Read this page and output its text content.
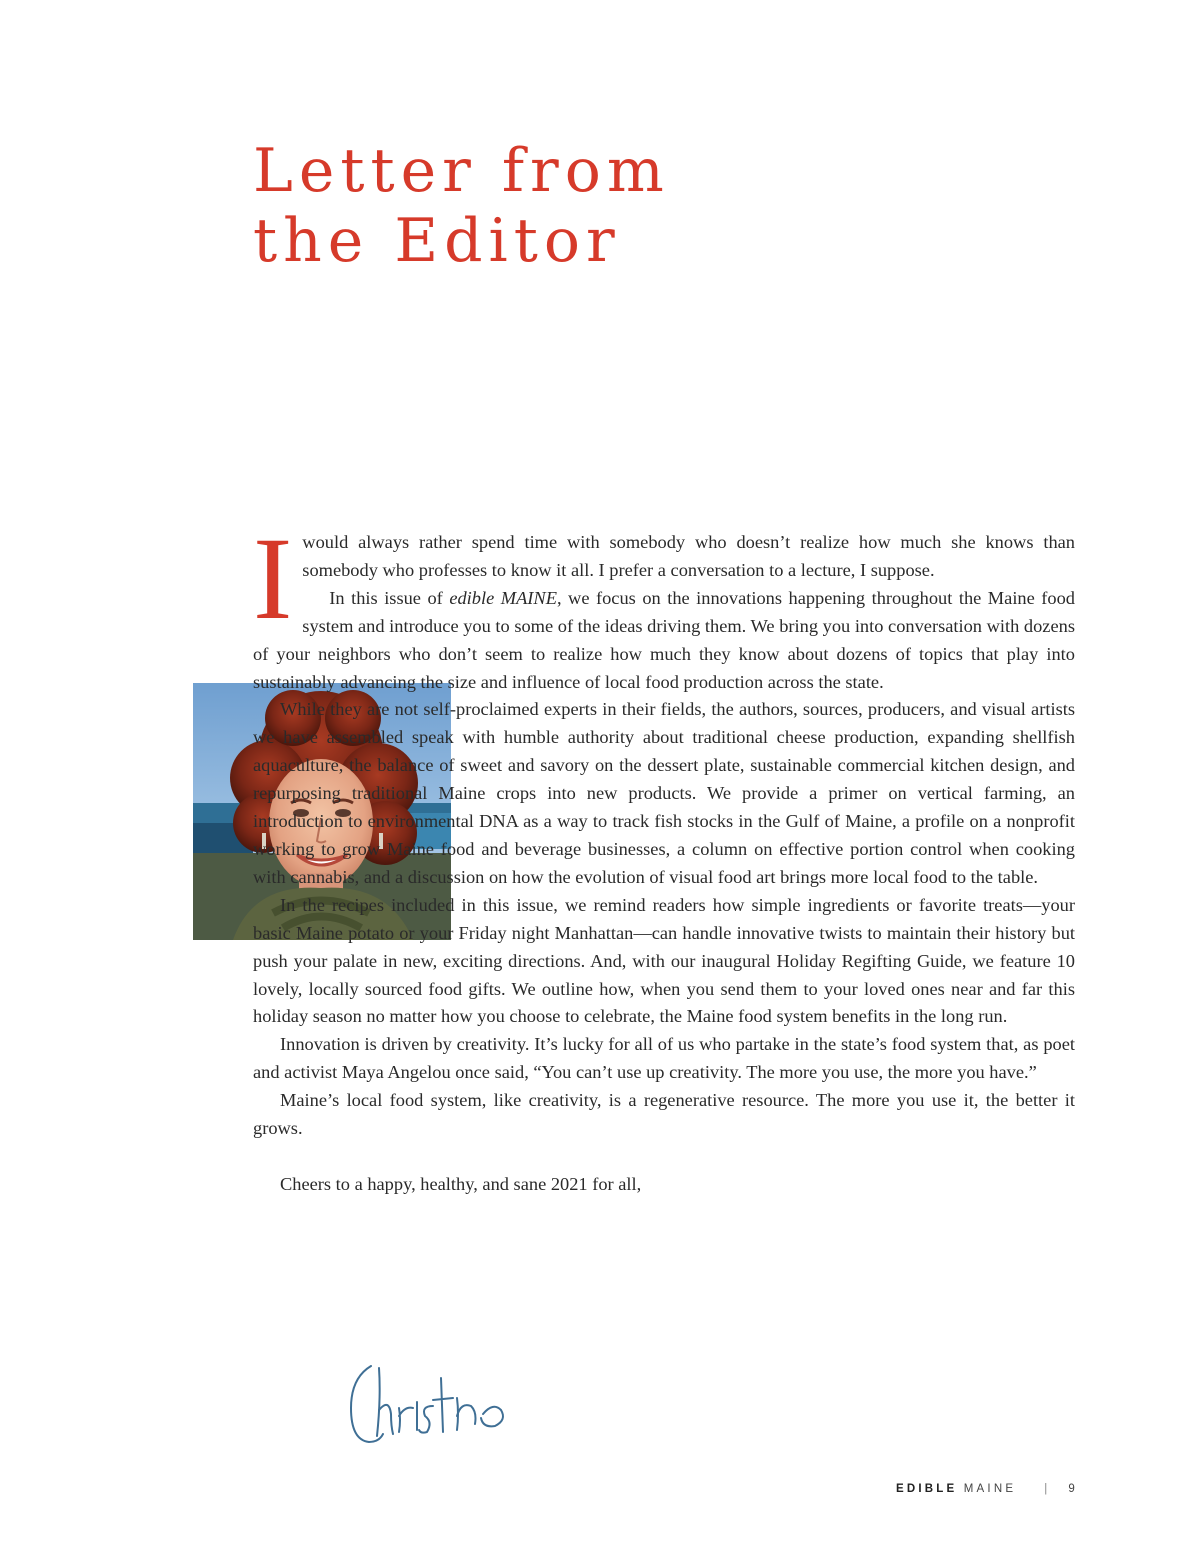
Letter from
the Editor

I would always rather spend time with somebody who doesn’t realize how much she knows than somebody who professes to know it all. I prefer a conversation to a lecture, I suppose.

In this issue of edible MAINE, we focus on the innovations happening throughout the Maine food system and introduce you to some of the ideas driving them. We bring you into conversation with dozens of your neighbors who don’t seem to realize how much they know about dozens of topics that play into sustainably advancing the size and influence of local food production across the state.

While they are not self-proclaimed experts in their fields, the authors, sources, producers, and visual artists we have assembled speak with humble authority about traditional cheese production, expanding shellfish aquaculture, the balance of sweet and savory on the dessert plate, sustainable commercial kitchen design, and repurposing traditional Maine crops into new products. We provide a primer on vertical farming, an introduction to environmental DNA as a way to track fish stocks in the Gulf of Maine, a profile on a nonprofit working to grow Maine food and beverage businesses, a column on effective portion control when cooking with cannabis, and a discussion on how the evolution of visual food art brings more local food to the table.

In the recipes included in this issue, we remind readers how simple ingredients or favorite treats—your basic Maine potato or your Friday night Manhattan—can handle innovative twists to maintain their history but push your palate in new, exciting directions. And, with our inaugural Holiday Regifting Guide, we feature 10 lovely, locally sourced food gifts. We outline how, when you send them to your loved ones near and far this holiday season no matter how you choose to celebrate, the Maine food system benefits in the long run.

Innovation is driven by creativity. It’s lucky for all of us who partake in the state’s food system that, as poet and activist Maya Angelou once said, “You can’t use up creativity. The more you use, the more you have.”

Maine’s local food system, like creativity, is a regenerative resource. The more you use it, the better it grows.

Cheers to a happy, healthy, and sane 2021 for all,

EDIBLE MAINE | 9
